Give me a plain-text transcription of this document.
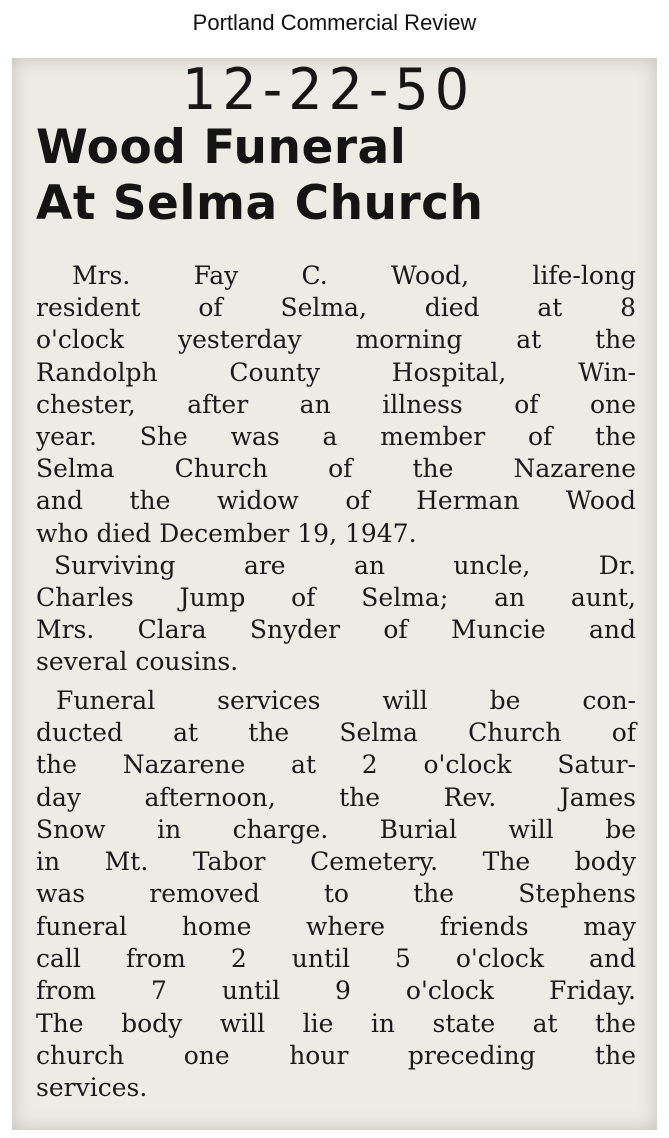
Portland Commercial Review
12-22-50
Wood Funeral
At Selma Church

Mrs. Fay C. Wood, life-long
resident of Selma, died at 8
o'clock yesterday morning at the
Randolph County Hospital, Win-
chester, after an illness of one
year. She was a member of the
Selma Church of the Nazarene
and the widow of Herman Wood
who died December 19, 1947.

Surviving are an uncle, Dr.
Charles Jump of Selma; an aunt,
Mrs. Clara Snyder of Muncie and
several cousins.

Funeral services will be con-
ducted at the Selma Church of
the Nazarene at 2 o'clock Satur-
day afternoon, the Rev. James
Snow in charge. Burial will be
in Mt. Tabor Cemetery. The body
was removed to the Stephens
funeral home where friends may
call from 2 until 5 o'clock and
from 7 until 9 o'clock Friday.
The body will lie in state at the
church one hour preceding the
services.
